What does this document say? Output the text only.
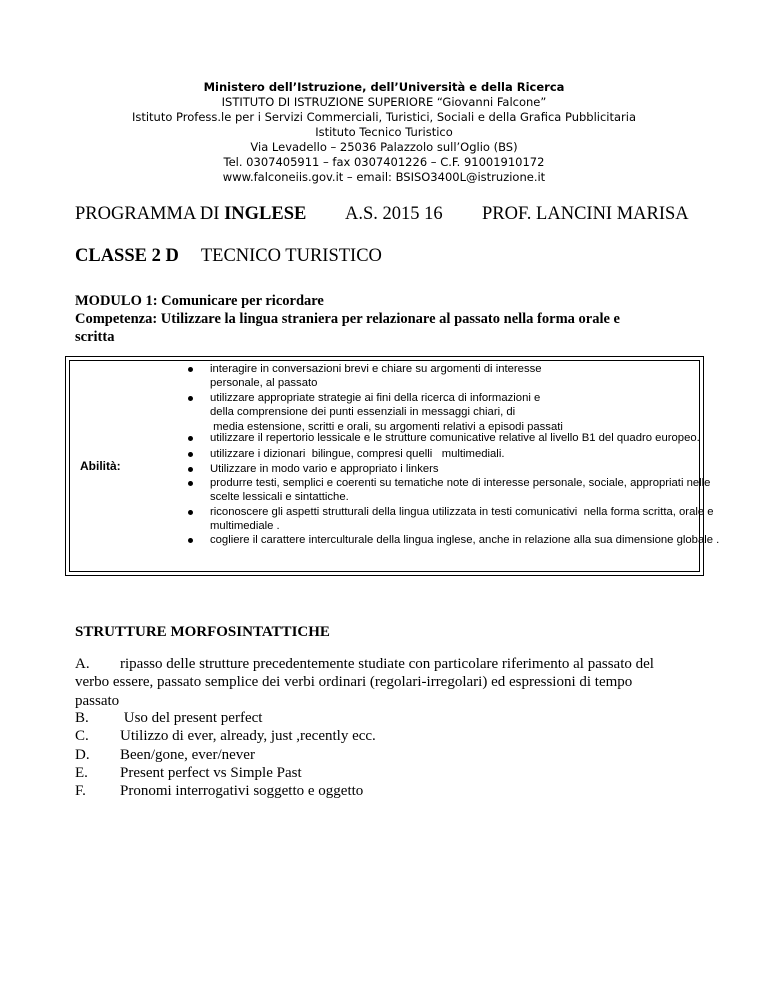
Ministero dell’Istruzione, dell’Università e della Ricerca
ISTITUTO DI ISTRUZIONE SUPERIORE “Giovanni Falcone”
Istituto Profess.le per i Servizi Commerciali, Turistici, Sociali e della Grafica Pubblicitaria
Istituto Tecnico Turistico
Via Levadello – 25036 Palazzolo sull’Oglio (BS)
Tel. 0307405911 – fax 0307401226 – C.F. 91001910172
www.falconeiis.gov.it – email: BSISO3400L@istruzione.it
PROGRAMMA DI INGLESE A.S. 2015 16 PROF. LANCINI MARISA
CLASSE 2 D TECNICO TURISTICO
MODULO 1: Comunicare per ricordare
Competenza: Utilizzare la lingua straniera per relazionare al passato nella forma orale e
scritta
Abilità:
interagire in conversazioni brevi e chiare su argomenti di interesse
personale, al passato
utilizzare appropriate strategie ai fini della ricerca di informazioni e
della comprensione dei punti essenziali in messaggi chiari, di
media estensione, scritti e orali, su argomenti relativi a episodi passati
utilizzare il repertorio lessicale e le strutture comunicative relative al livello B1 del quadro europeo.
utilizzare i dizionari  bilingue, compresi quelli   multimediali.
Utilizzare in modo vario e appropriato i linkers
produrre testi, semplici e coerenti su tematiche note di interesse personale, sociale, appropriati nelle
scelte lessicali e sintattiche.
riconoscere gli aspetti strutturali della lingua utilizzata in testi comunicativi  nella forma scritta, orale e
multimediale .
cogliere il carattere interculturale della lingua inglese, anche in relazione alla sua dimensione globale .
STRUTTURE MORFOSINTATTICHE
A. ripasso delle strutture precedentemente studiate con particolare riferimento al passato del
verbo essere, passato semplice dei verbi ordinari (regolari-irregolari) ed espressioni di tempo
passato
B. Uso del present perfect
C. Utilizzo di ever, already, just ,recently ecc.
D. Been/gone, ever/never
E. Present perfect vs Simple Past
F. Pronomi interrogativi soggetto e oggetto
